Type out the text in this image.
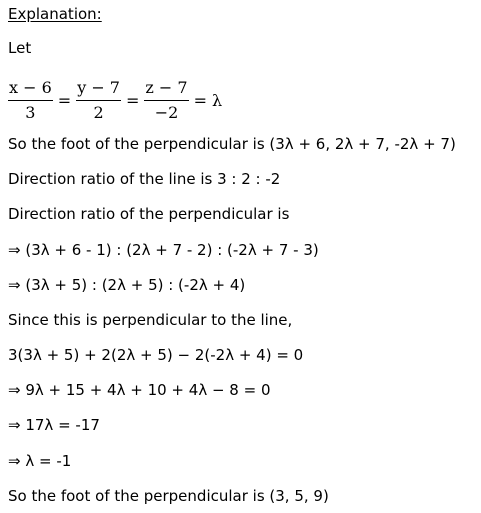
Explanation:
Let
$\frac{x - 6}{3} = \frac{y - 7}{2} = \frac{z - 7}{-2} = \lambda$
So the foot of the perpendicular is (3λ + 6, 2λ + 7, -2λ + 7)
Direction ratio of the line is 3 : 2 : -2
Direction ratio of the perpendicular is
⇒ (3λ + 6 - 1) : (2λ + 7 - 2) : (-2λ + 7 - 3)
⇒ (3λ + 5) : (2λ + 5) : (-2λ + 4)
Since this is perpendicular to the line,
3(3λ + 5) + 2(2λ + 5) − 2(-2λ + 4) = 0
⇒ 9λ + 15 + 4λ + 10 + 4λ − 8 = 0
⇒ 17λ = -17
⇒ λ = -1
So the foot of the perpendicular is (3, 5, 9)
